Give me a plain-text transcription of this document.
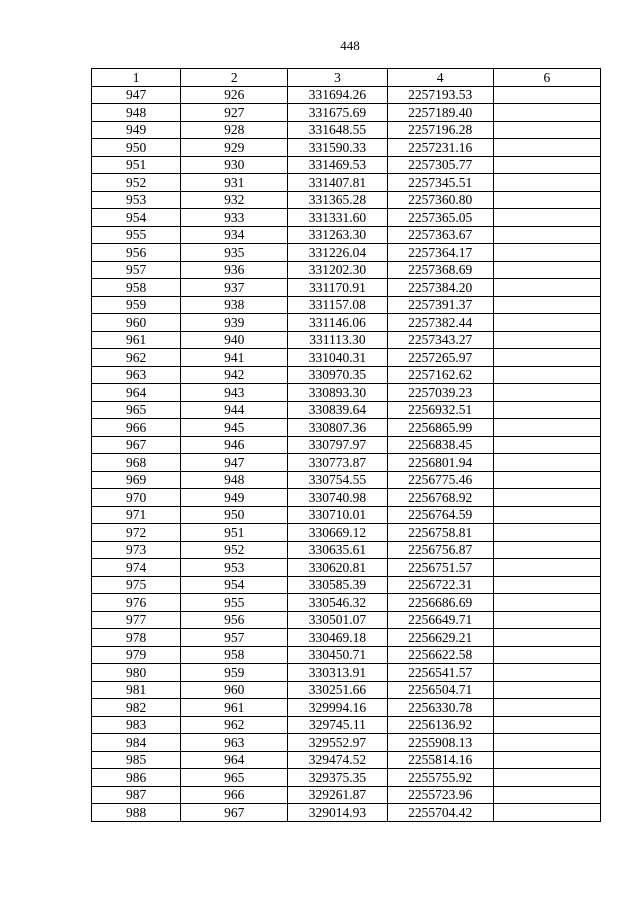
448
1	2	3	4	6
947	926	331694.26	2257193.53	
948	927	331675.69	2257189.40	
949	928	331648.55	2257196.28	
950	929	331590.33	2257231.16	
951	930	331469.53	2257305.77	
952	931	331407.81	2257345.51	
953	932	331365.28	2257360.80	
954	933	331331.60	2257365.05	
955	934	331263.30	2257363.67	
956	935	331226.04	2257364.17	
957	936	331202.30	2257368.69	
958	937	331170.91	2257384.20	
959	938	331157.08	2257391.37	
960	939	331146.06	2257382.44	
961	940	331113.30	2257343.27	
962	941	331040.31	2257265.97	
963	942	330970.35	2257162.62	
964	943	330893.30	2257039.23	
965	944	330839.64	2256932.51	
966	945	330807.36	2256865.99	
967	946	330797.97	2256838.45	
968	947	330773.87	2256801.94	
969	948	330754.55	2256775.46	
970	949	330740.98	2256768.92	
971	950	330710.01	2256764.59	
972	951	330669.12	2256758.81	
973	952	330635.61	2256756.87	
974	953	330620.81	2256751.57	
975	954	330585.39	2256722.31	
976	955	330546.32	2256686.69	
977	956	330501.07	2256649.71	
978	957	330469.18	2256629.21	
979	958	330450.71	2256622.58	
980	959	330313.91	2256541.57	
981	960	330251.66	2256504.71	
982	961	329994.16	2256330.78	
983	962	329745.11	2256136.92	
984	963	329552.97	2255908.13	
985	964	329474.52	2255814.16	
986	965	329375.35	2255755.92	
987	966	329261.87	2255723.96	
988	967	329014.93	2255704.42	
